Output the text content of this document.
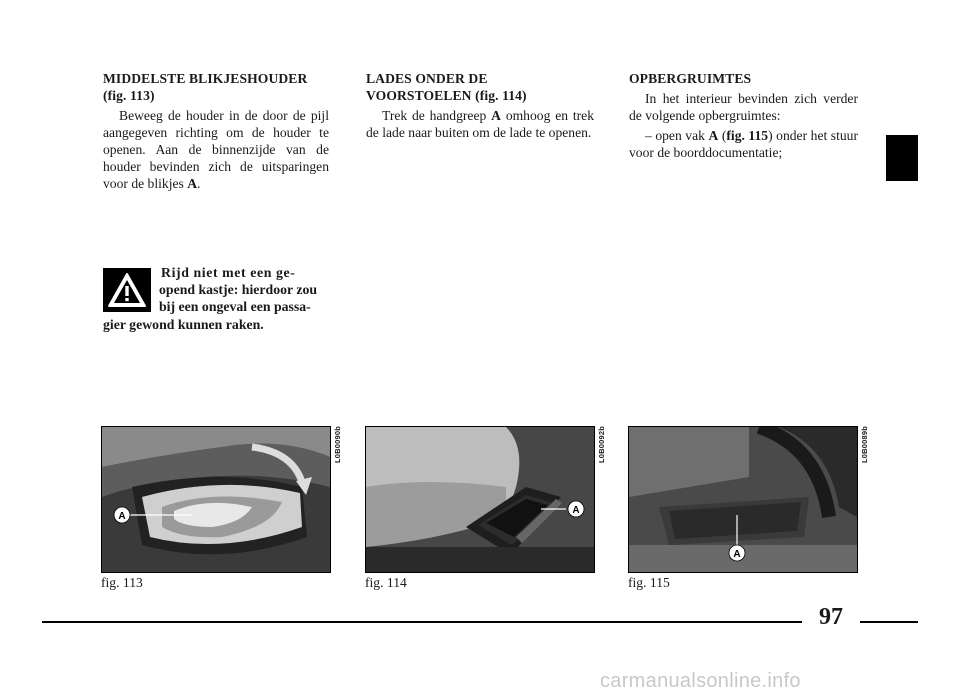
MIDDELSTE BLIKJESHOUDER
(fig. 113)

Beweeg de houder in de door de pijl aangegeven richting om de houder te openen. Aan de binnenzijde van de houder bevinden zich de uitsparingen voor de blikjes A.

LADES ONDER DE
VOORSTOELEN (fig. 114)

Trek de handgreep A omhoog en trek de lade naar buiten om de lade te openen.

OPBERGRUIMTES

In het interieur bevinden zich verder de volgende opbergruimtes:

– open vak A (fig. 115) onder het stuur voor de boorddocumentatie;

Rijd niet met een ge-
opend kastje: hierdoor zou
bij een ongeval een passa-
gier gewond kunnen raken.
A
L0B0090b
fig. 113
A
L0B0092b
fig. 114
A
L0B0089b
fig. 115
97
carmanualsonline.info
